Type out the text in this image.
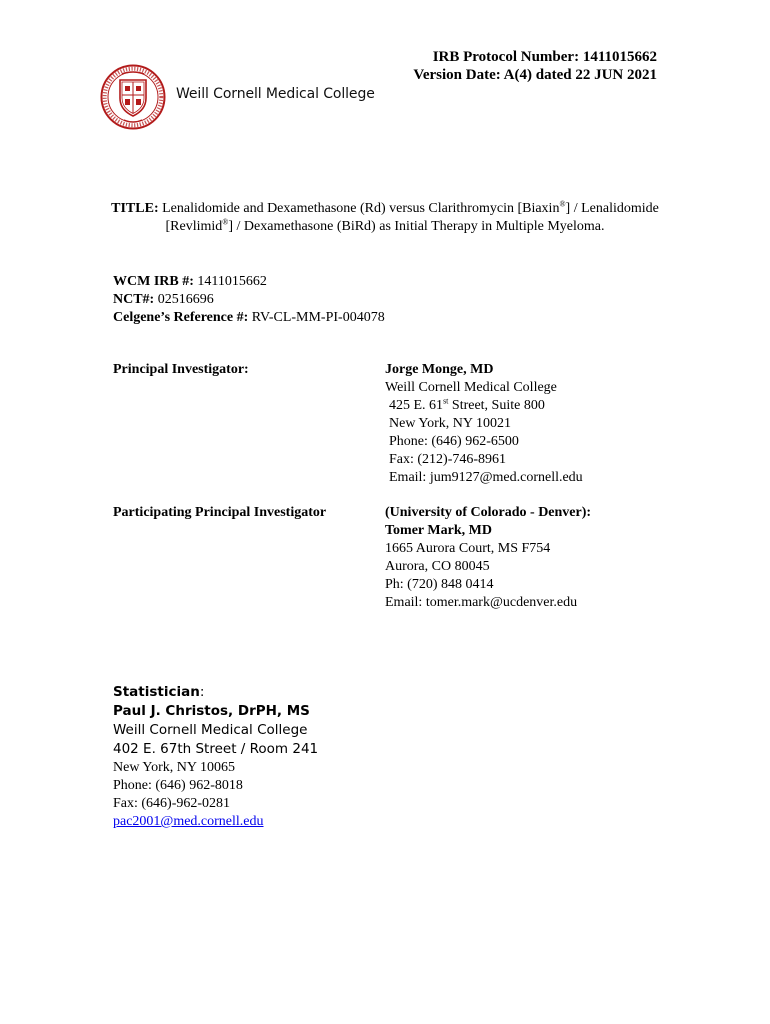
IRB Protocol Number: 1411015662
Version Date: A(4) dated 22 JUN 2021
Weill Cornell Medical College
TITLE: Lenalidomide and Dexamethasone (Rd) versus Clarithromycin [Biaxin®] / Lenalidomide [Revlimid®] / Dexamethasone (BiRd) as Initial Therapy in Multiple Myeloma.
WCM IRB #: 1411015662
NCT#: 02516696
Celgene’s Reference #: RV-CL-MM-PI-004078
Principal Investigator:	Jorge Monge, MD
Weill Cornell Medical College
425 E. 61st Street, Suite 800
New York, NY 10021
Phone: (646) 962-6500
Fax: (212)-746-8961
Email: jum9127@med.cornell.edu
Participating Principal Investigator	(University of Colorado - Denver):
Tomer Mark, MD
1665 Aurora Court, MS F754
Aurora, CO 80045
Ph: (720) 848 0414
Email: tomer.mark@ucdenver.edu
Statistician:
Paul J. Christos, DrPH, MS
Weill Cornell Medical College
402 E. 67th Street / Room 241
New York, NY 10065
Phone: (646) 962-8018
Fax: (646)-962-0281
pac2001@med.cornell.edu
